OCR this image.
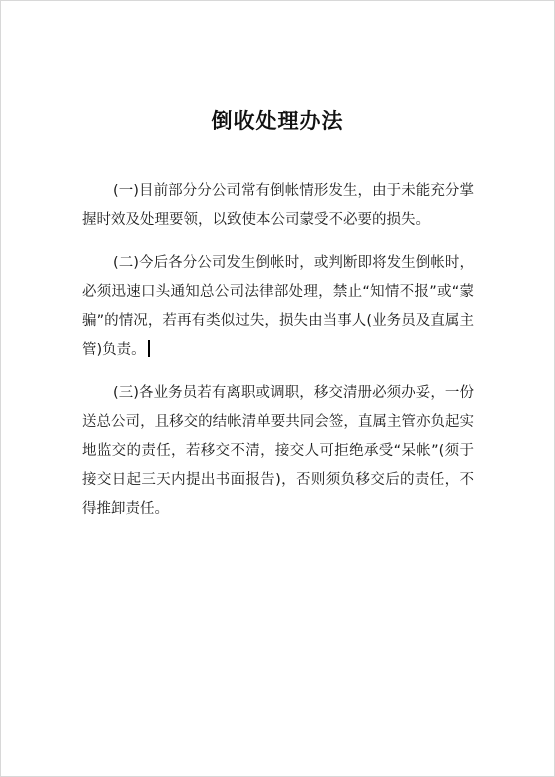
倒收处理办法

(一)目前部分分公司常有倒帐情形发生，由于未能充分掌握时效及处理要领，以致使本公司蒙受不必要的损失。

(二)今后各分公司发生倒帐时，或判断即将发生倒帐时，必须迅速口头通知总公司法律部处理，禁止“知情不报”或“蒙骗”的情况，若再有类似过失，损失由当事人(业务员及直属主管)负责。

(三)各业务员若有离职或调职，移交清册必须办妥，一份送总公司，且移交的结帐清单要共同会签，直属主管亦负起实地监交的责任，若移交不清，接交人可拒绝承受“呆帐”(须于接交日起三天内提出书面报告)，否则须负移交后的责任，不得推卸责任。
